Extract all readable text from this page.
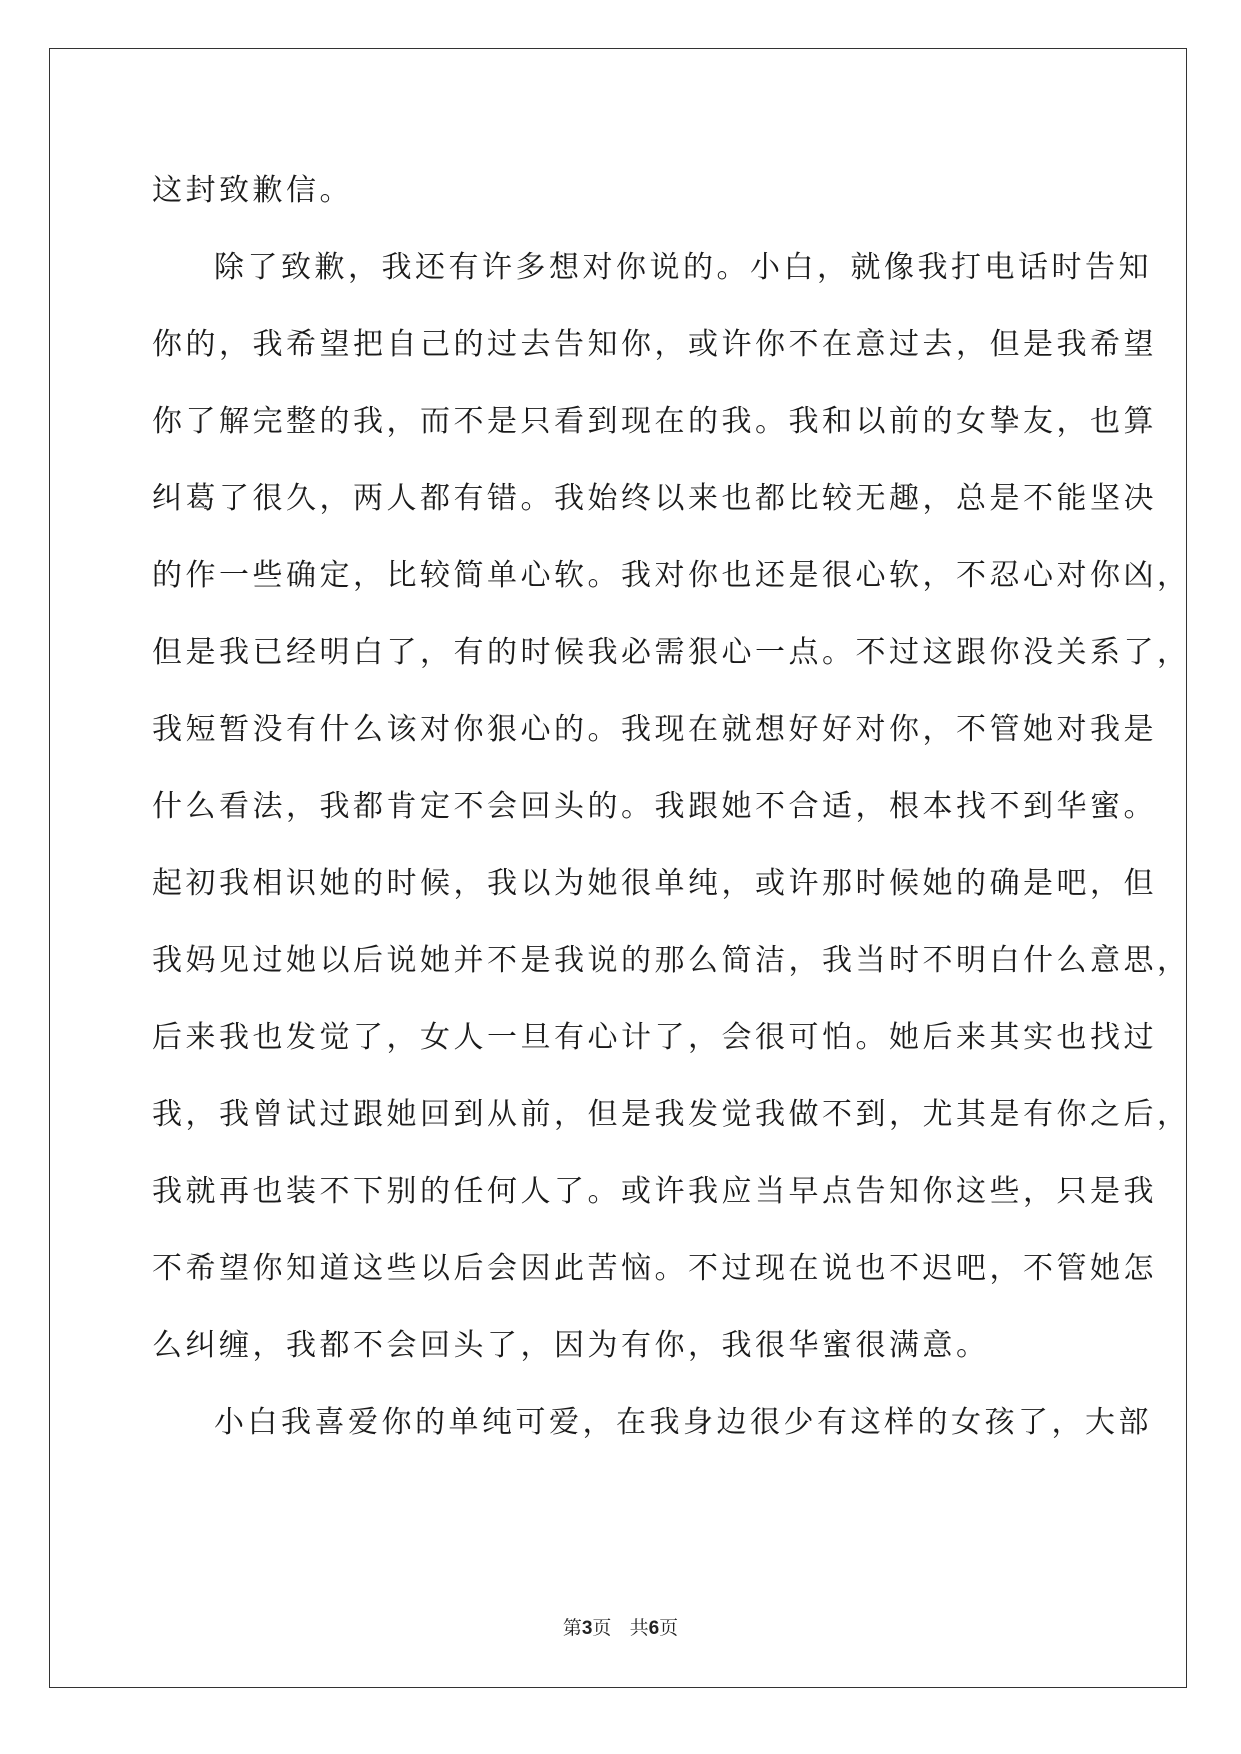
这封致歉信。
除了致歉，我还有许多想对你说的。小白，就像我打电话时告知
你的，我希望把自己的过去告知你，或许你不在意过去，但是我希望
你了解完整的我，而不是只看到现在的我。我和以前的女挚友，也算
纠葛了很久，两人都有错。我始终以来也都比较无趣，总是不能坚决
的作一些确定，比较简单心软。我对你也还是很心软，不忍心对你凶，
但是我已经明白了，有的时候我必需狠心一点。不过这跟你没关系了，
我短暂没有什么该对你狠心的。我现在就想好好对你，不管她对我是
什么看法，我都肯定不会回头的。我跟她不合适，根本找不到华蜜。
起初我相识她的时候，我以为她很单纯，或许那时候她的确是吧，但
我妈见过她以后说她并不是我说的那么简洁，我当时不明白什么意思，
后来我也发觉了，女人一旦有心计了，会很可怕。她后来其实也找过
我，我曾试过跟她回到从前，但是我发觉我做不到，尤其是有你之后，
我就再也装不下别的任何人了。或许我应当早点告知你这些，只是我
不希望你知道这些以后会因此苦恼。不过现在说也不迟吧，不管她怎
么纠缠，我都不会回头了，因为有你，我很华蜜很满意。
小白我喜爱你的单纯可爱，在我身边很少有这样的女孩了，大部
第3页 共6页
